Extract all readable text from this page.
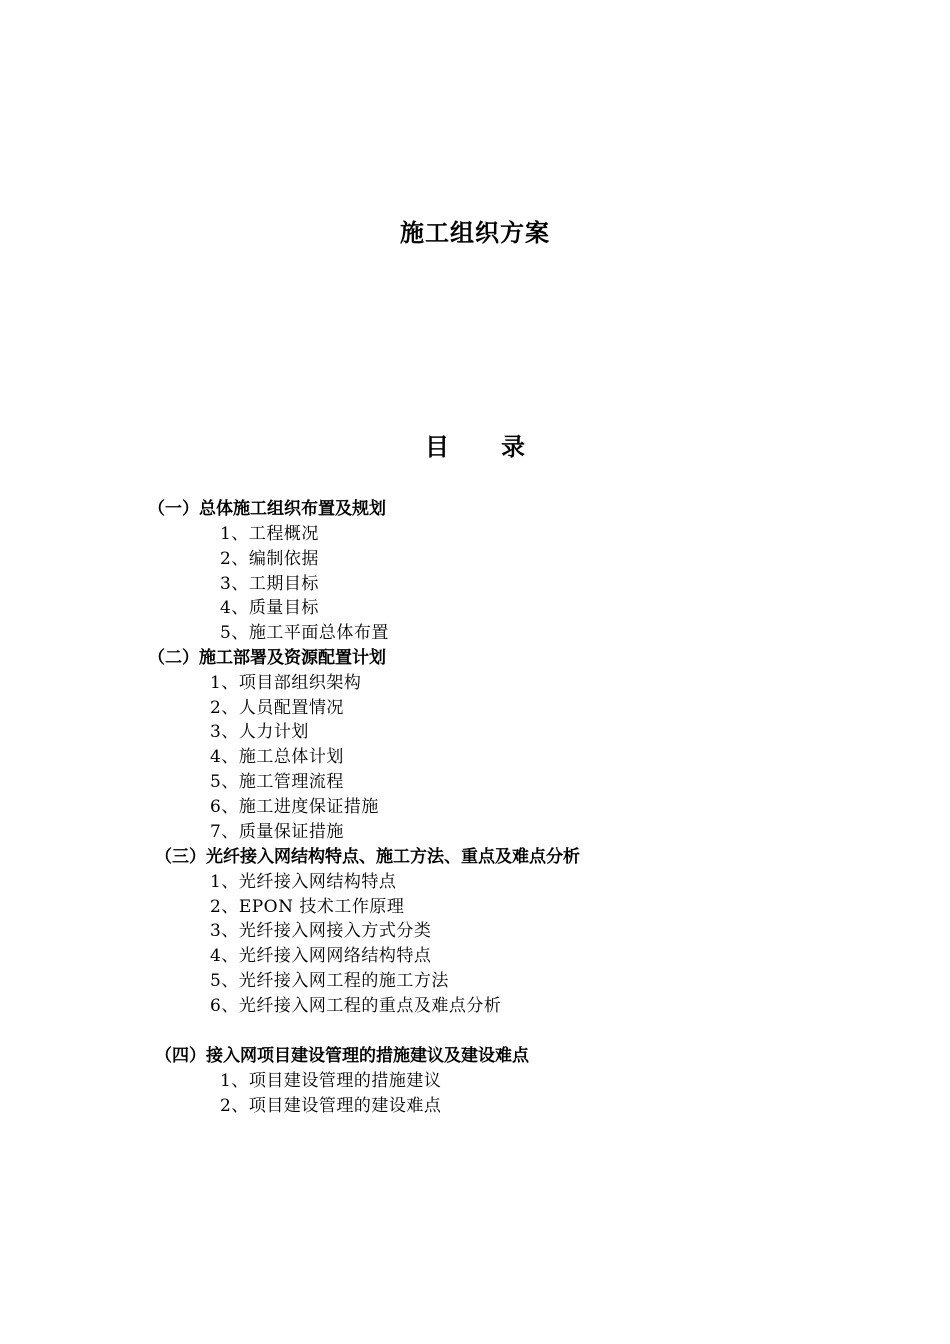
施工组织方案
目 录
（一）总体施工组织布置及规划
1、工程概况
2、编制依据
3、工期目标
4、质量目标
5、施工平面总体布置
（二）施工部署及资源配置计划
1、项目部组织架构
2、人员配置情况
3、人力计划
4、施工总体计划
5、施工管理流程
6、施工进度保证措施
7、质量保证措施
（三）光纤接入网结构特点、施工方法、重点及难点分析
1、光纤接入网结构特点
2、EPON 技术工作原理
3、光纤接入网接入方式分类
4、光纤接入网网络结构特点
5、光纤接入网工程的施工方法
6、光纤接入网工程的重点及难点分析
（四）接入网项目建设管理的措施建议及建设难点
1、项目建设管理的措施建议
2、项目建设管理的建设难点
